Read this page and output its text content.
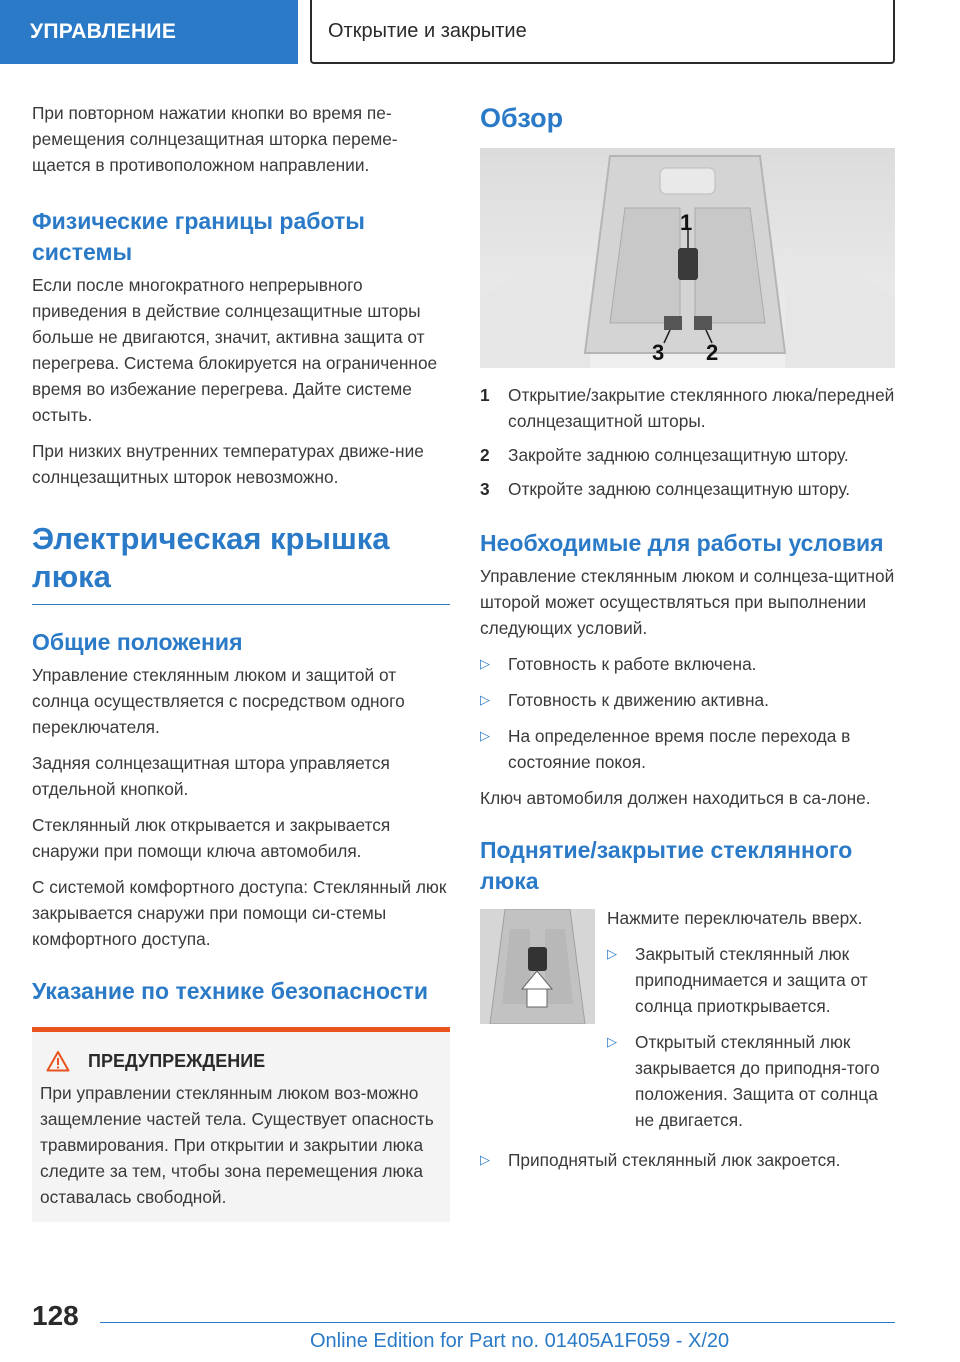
УПРАВЛЕНИЕ	Открытие и закрытие

При повторном нажатии кнопки во время пе-ремещения солнцезащитная шторка переме-щается в противоположном направлении.

Физические границы работы системы

Если после многократного непрерывного приведения в действие солнцезащитные шторы больше не двигаются, значит, активна защита от перегрева. Система блокируется на ограниченное время во избежание перегрева. Дайте системе остыть.

При низких внутренних температурах движе-ние солнцезащитных шторок невозможно.

Электрическая крышка люка
Общие положения

Управление стеклянным люком и защитой от солнца осуществляется с посредством одного переключателя.

Задняя солнцезащитная штора управляется отдельной кнопкой.

Стеклянный люк открывается и закрывается снаружи при помощи ключа автомобиля.

С системой комфортного доступа: Стеклянный люк закрывается снаружи при помощи си-стемы комфортного доступа.

Указание по технике безопасности
ПРЕДУПРЕЖДЕНИЕ

При управлении стеклянным люком воз-можно защемление частей тела. Существует опасность травмирования. При открытии и закрытии люка следите за тем, чтобы зона перемещения люка оставалась свободной.

Обзор
1
2
3
1	Открытие/закрытие стеклянного люка/передней солнцезащитной шторы.
2	Закройте заднюю солнцезащитную штору.
3	Откройте заднюю солнцезащитную штору.
Необходимые для работы условия

Управление стеклянным люком и солнцеза-щитной шторой может осуществляться при выполнении следующих условий.

▷	Готовность к работе включена.
▷	Готовность к движению активна.
▷	На определенное время после перехода в состояние покоя.

Ключ автомобиля должен находиться в са-лоне.

Поднятие/закрытие стеклянного люка

Нажмите переключатель вверх.

▷	Закрытый стеклянный люк приподнимается и защита от солнца приоткрывается.
▷	Открытый стеклянный люк закрывается до приподня-того положения. Защита от солнца не двигается.
▷	Приподнятый стеклянный люк закроется.
128
Online Edition for Part no. 01405A1F059 - X/20
